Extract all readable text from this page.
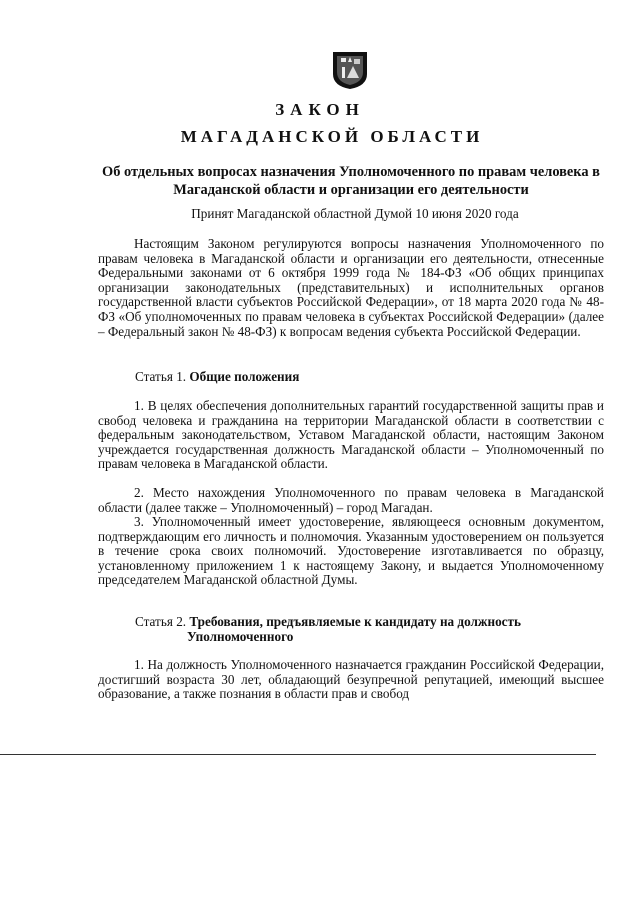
ЗАКОН
МАГАДАНСКОЙ ОБЛАСТИ
Об отдельных вопросах назначения Уполномоченного по правам человека в Магаданской области и организации его деятельности
Принят Магаданской областной Думой 10 июня 2020 года

Настоящим Законом регулируются вопросы назначения Уполномоченного по правам человека в Магаданской области и организации его деятельности, отнесенные Федеральными законами от 6 октября 1999 года № 184-ФЗ «Об общих принципах организации законодательных (представительных) и исполнительных органов государственной власти субъектов Российской Федерации», от 18 марта 2020 года № 48-ФЗ «Об уполномоченных по правам человека в субъектах Российской Федерации» (далее – Федеральный закон № 48-ФЗ) к вопросам ведения субъекта Российской Федерации.

Статья 1. Общие положения

1. В целях обеспечения дополнительных гарантий государственной защиты прав и свобод человека и гражданина на территории Магаданской области в соответствии с федеральным законодательством, Уставом Магаданской области, настоящим Законом учреждается государственная должность Магаданской области – Уполномоченный по правам человека в Магаданской области.

2. Место нахождения Уполномоченного по правам человека в Магаданской области (далее также – Уполномоченный) – город Магадан.

3. Уполномоченный имеет удостоверение, являющееся основным документом, подтверждающим его личность и полномочия. Указанным удостоверением он пользуется в течение срока своих полномочий. Удостоверение изготавливается по образцу, установленному приложением 1 к настоящему Закону, и выдается Уполномоченному председателем Магаданской областной Думы.

Статья 2. Требования, предъявляемые к кандидату на должность
Уполномоченного

1. На должность Уполномоченного назначается гражданин Российской Федерации, достигший возраста 30 лет, обладающий безупречной репутацией, имеющий высшее образование, а также познания в области прав и свобод
